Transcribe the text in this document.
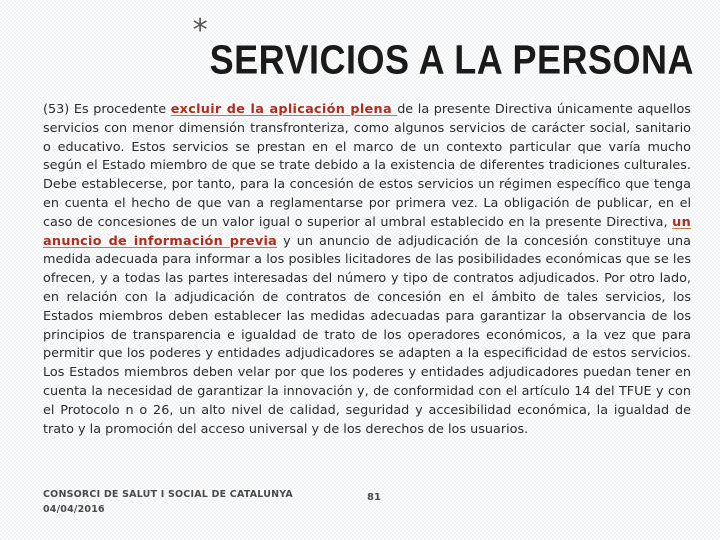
*
SERVICIOS A LA PERSONA
(53) Es procedente excluir de la aplicación plena de la presente Directiva únicamente aquellos servicios con menor dimensión transfronteriza, como algunos servicios de carácter social, sanitario o educativo. Estos servicios se prestan en el marco de un contexto particular que varía mucho según el Estado miembro de que se trate debido a la existencia de diferentes tradiciones culturales. Debe establecerse, por tanto, para la concesión de estos servicios un régimen específico que tenga en cuenta el hecho de que van a reglamentarse por primera vez. La obligación de publicar, en el caso de concesiones de un valor igual o superior al umbral establecido en la presente Directiva, un anuncio de información previa y un anuncio de adjudicación de la concesión constituye una medida adecuada para informar a los posibles licitadores de las posibilidades económicas que se les ofrecen, y a todas las partes interesadas del número y tipo de contratos adjudicados. Por otro lado, en relación con la adjudicación de contratos de concesión en el ámbito de tales servicios, los Estados miembros deben establecer las medidas adecuadas para garantizar la observancia de los principios de transparencia e igualdad de trato de los operadores económicos, a la vez que para permitir que los poderes y entidades adjudicadores se adapten a la especificidad de estos servicios. Los Estados miembros deben velar por que los poderes y entidades adjudicadores puedan tener en cuenta la necesidad de garantizar la innovación y, de conformidad con el artículo 14 del TFUE y con el Protocolo n o 26, un alto nivel de calidad, seguridad y accesibilidad económica, la igualdad de trato y la promoción del acceso universal y de los derechos de los usuarios.
CONSORCI DE SALUT I SOCIAL DE CATALUNYA
04/04/2016
81
